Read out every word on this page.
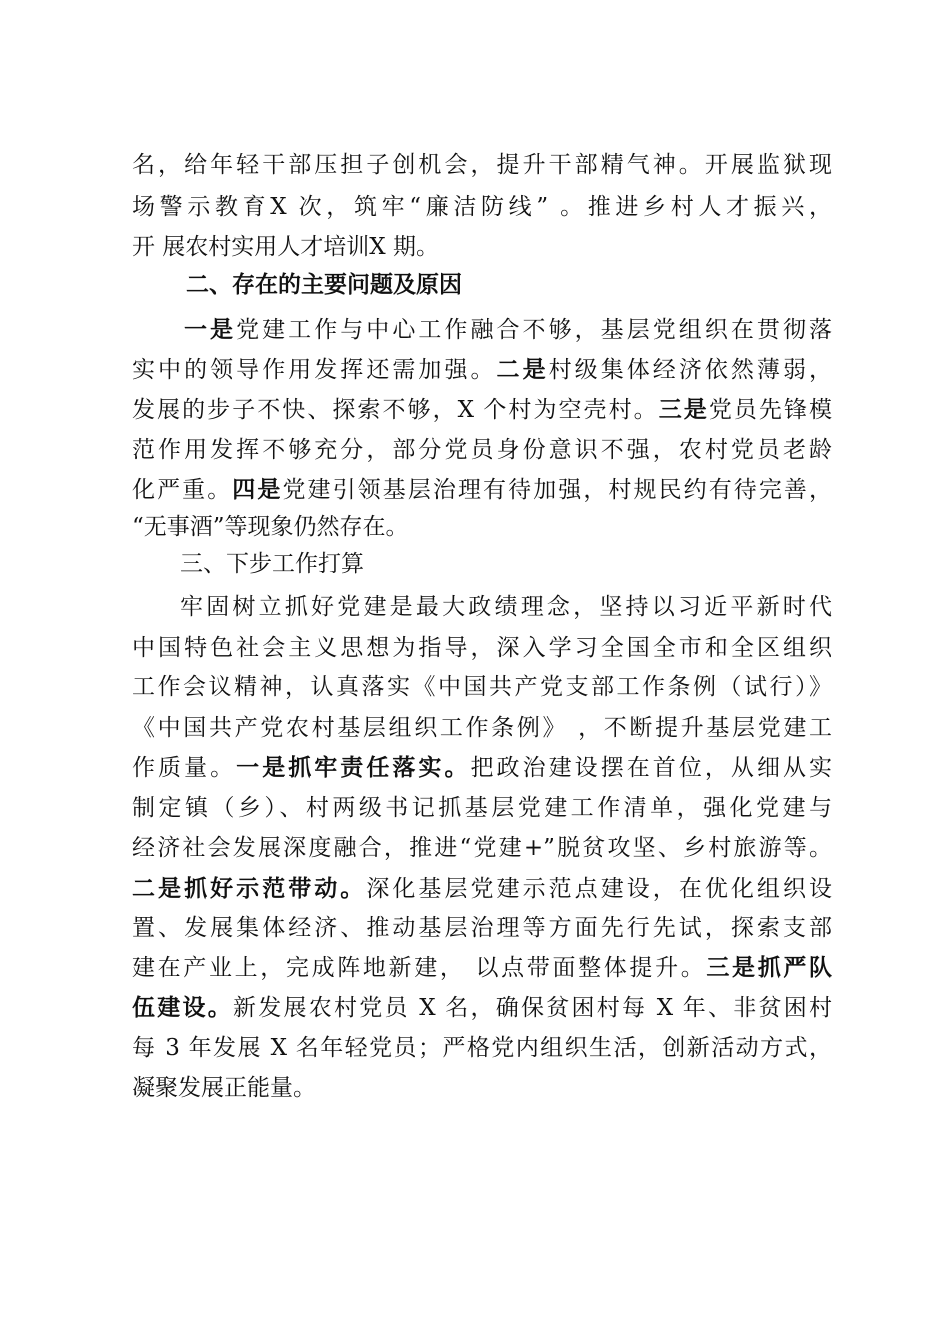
名，给年轻干部压担子创机会，提升干部精气神。开展监狱现
场警示教育X 次，筑牢“廉洁防线” 。推进乡村人才振兴，
开 展农村实用人才培训X 期。
二、存在的主要问题及原因
一是党建工作与中心工作融合不够，基层党组织在贯彻落
实中的领导作用发挥还需加强。二是村级集体经济依然薄弱，
发展的步子不快、探索不够，X 个村为空壳村。三是党员先锋模
范作用发挥不够充分，部分党员身份意识不强，农村党员老龄
化严重。四是党建引领基层治理有待加强，村规民约有待完善，
“无事酒”等现象仍然存在。
三、下步工作打算
牢固树立抓好党建是最大政绩理念，坚持以习近平新时代
中国特色社会主义思想为指导，深入学习全国全市和全区组织
工作会议精神，认真落实《中国共产党支部工作条例（试行）》
《中国共产党农村基层组织工作条例》 ，不断提升基层党建工
作质量。一是抓牢责任落实。把政治建设摆在首位，从细从实
制定镇（乡）、村两级书记抓基层党建工作清单，强化党建与
经济社会发展深度融合，推进“党建+”脱贫攻坚、乡村旅游等。
二是抓好示范带动。深化基层党建示范点建设，在优化组织设
置、发展集体经济、推动基层治理等方面先行先试，探索支部
建在产业上，完成阵地新建， 以点带面整体提升。三是抓严队
伍建设。新发展农村党员 X 名，确保贫困村每 X 年、非贫困村
每 3 年发展 X 名年轻党员；严格党内组织生活，创新活动方式，
凝聚发展正能量。
